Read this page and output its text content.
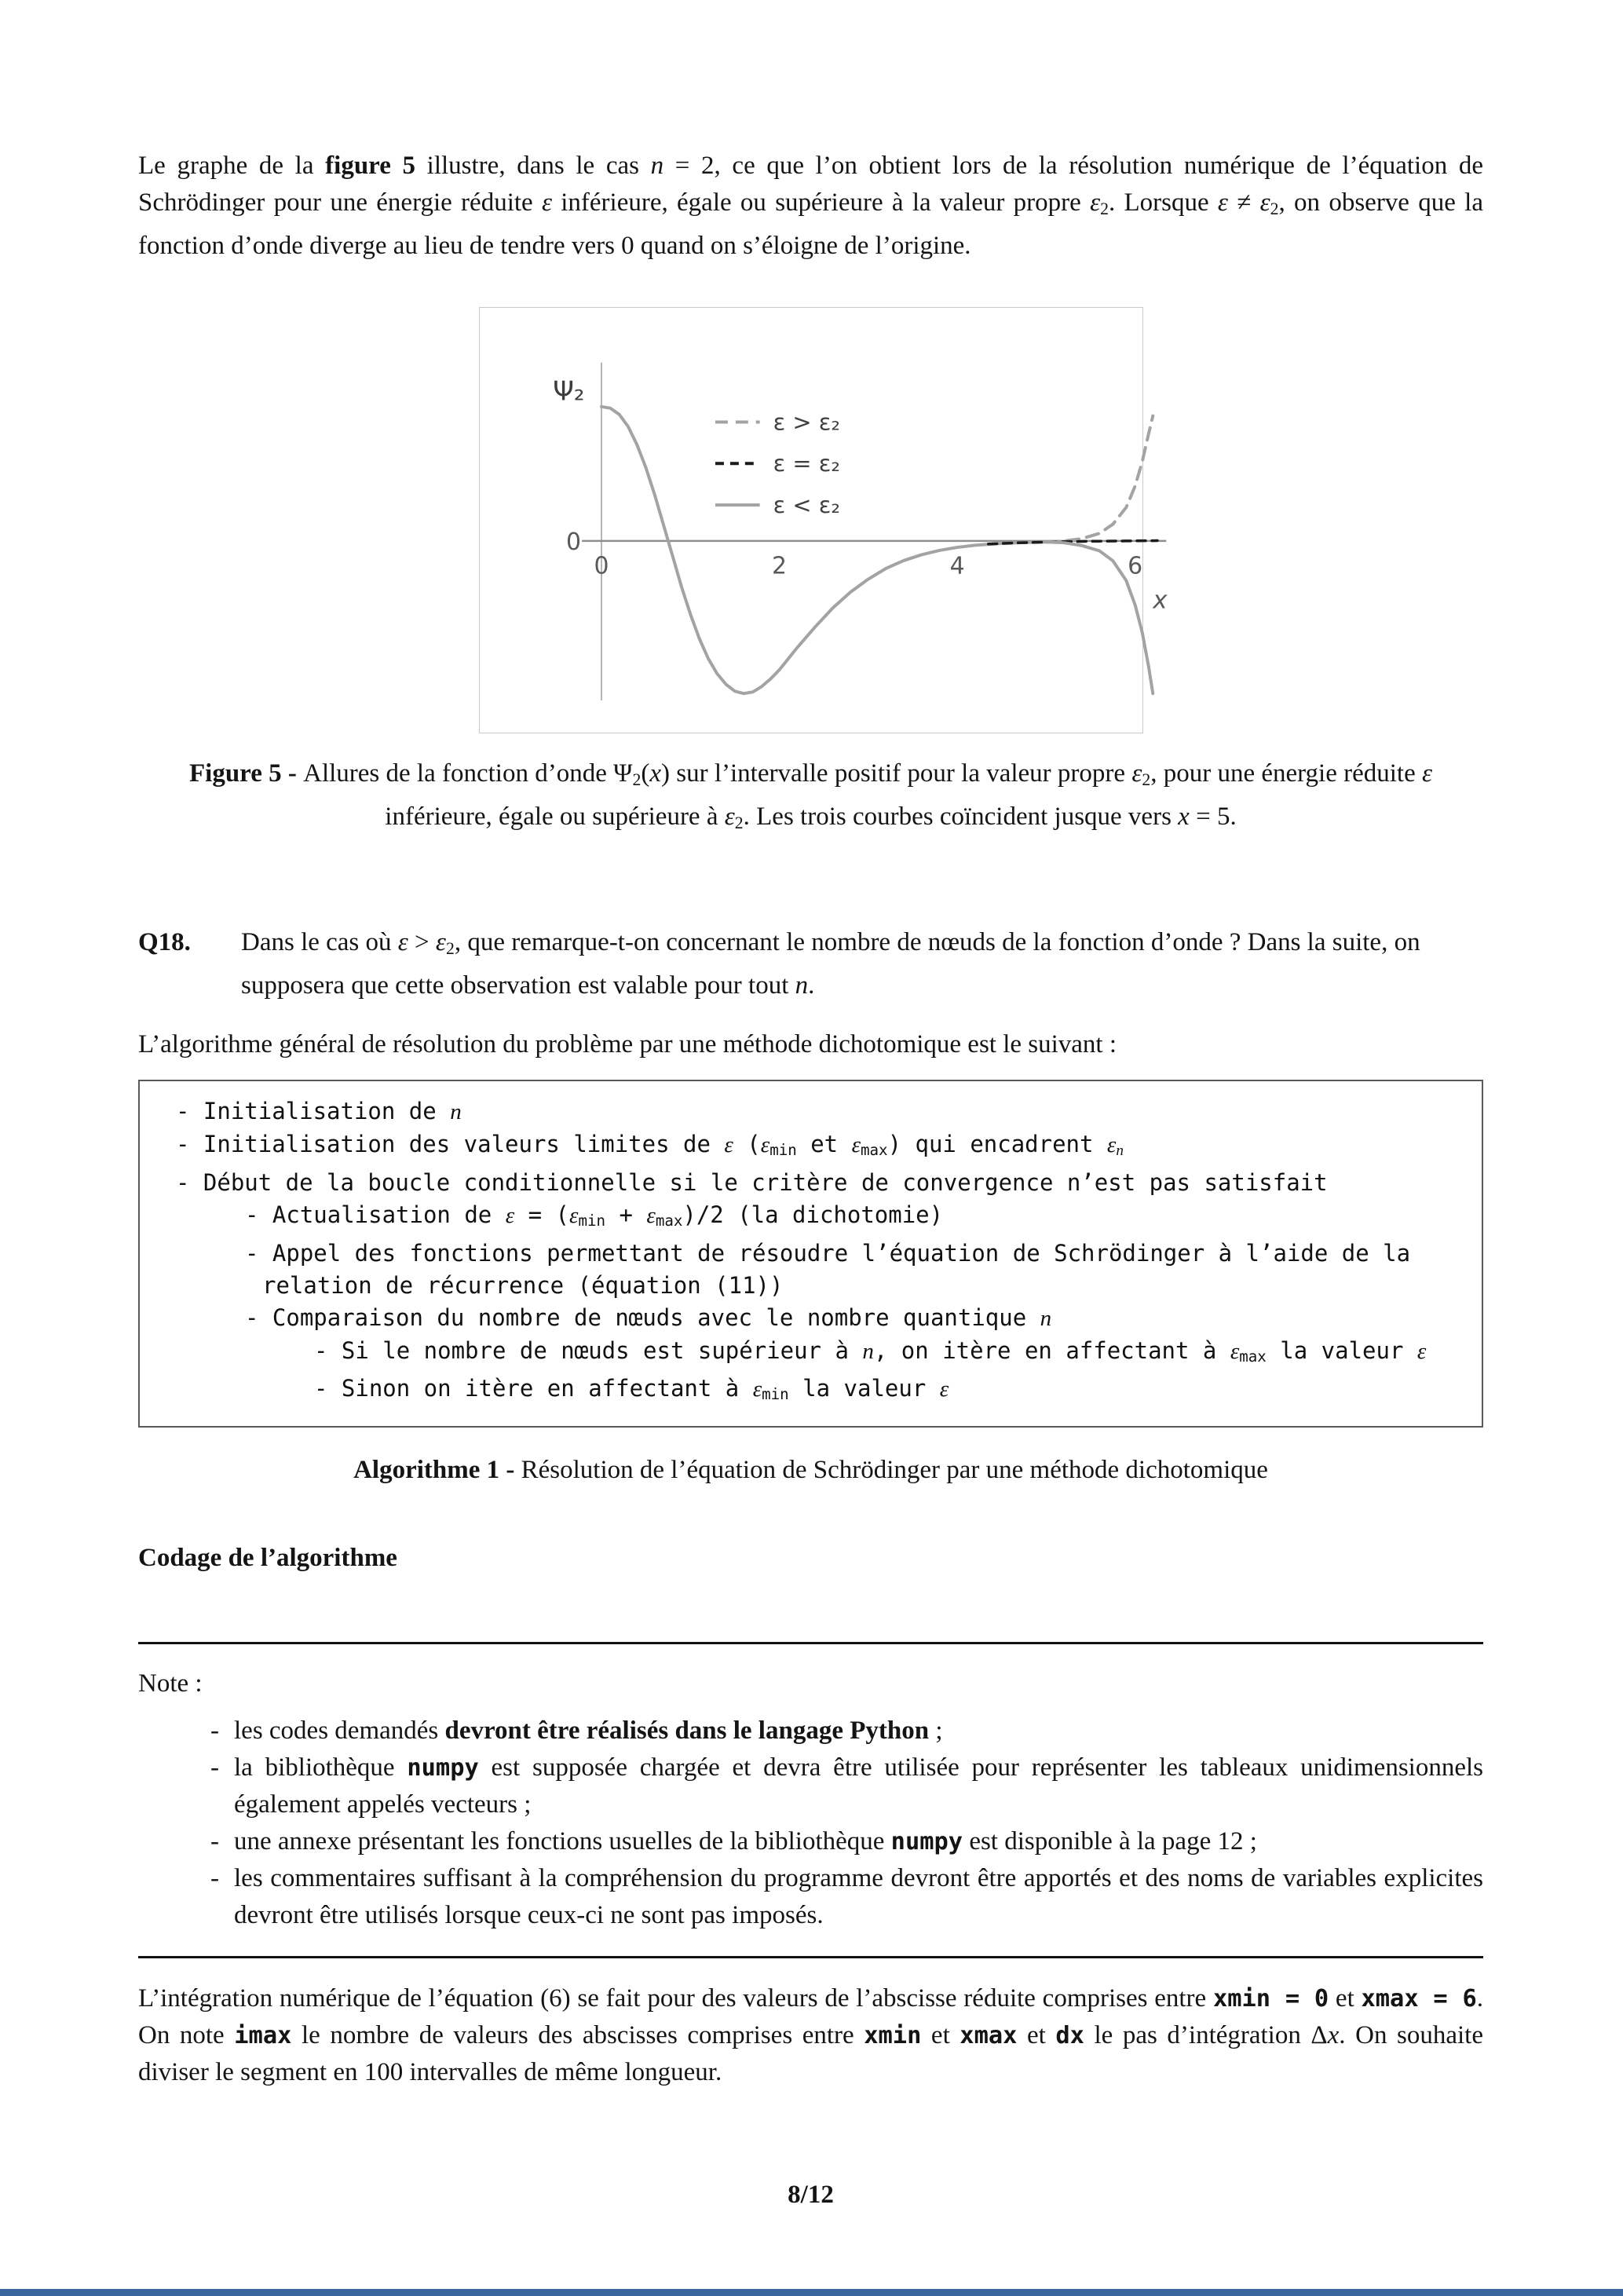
Le graphe de la figure 5 illustre, dans le cas n = 2, ce que l’on obtient lors de la résolution numérique de l’équation de Schrödinger pour une énergie réduite ε inférieure, égale ou supérieure à la valeur propre ε2. Lorsque ε ≠ ε2, on observe que la fonction d’onde diverge au lieu de tendre vers 0 quand on s’éloigne de l’origine.

0	2	4	6
0
Ψ₂
x
ε > ε₂
ε = ε₂
ε < ε₂

Figure 5 - Allures de la fonction d’onde Ψ2(x) sur l’intervalle positif pour la valeur propre ε2, pour une énergie réduite ε inférieure, égale ou supérieure à ε2. Les trois courbes coïncident jusque vers x = 5.

Q18.	Dans le cas où ε > ε2, que remarque-t-on concernant le nombre de nœuds de la fonction d’onde ? Dans la suite, on supposera que cette observation est valable pour tout n.

L’algorithme général de résolution du problème par une méthode dichotomique est le suivant :

- Initialisation de n
- Initialisation des valeurs limites de ε (εmin et εmax) qui encadrent εn
- Début de la boucle conditionnelle si le critère de convergence n’est pas satisfait
- Actualisation de ε = (εmin + εmax)/2 (la dichotomie)
- Appel des fonctions permettant de résoudre l’équation de Schrödinger à l’aide de la
relation de récurrence (équation (11))
- Comparaison du nombre de nœuds avec le nombre quantique n
- Si le nombre de nœuds est supérieur à n, on itère en affectant à εmax la valeur ε
- Sinon on itère en affectant à εmin la valeur ε

Algorithme 1 - Résolution de l’équation de Schrödinger par une méthode dichotomique

Codage de l’algorithme

Note :

- les codes demandés devront être réalisés dans le langage Python ;
- la bibliothèque numpy est supposée chargée et devra être utilisée pour représenter les tableaux unidimensionnels également appelés vecteurs ;
- une annexe présentant les fonctions usuelles de la bibliothèque numpy est disponible à la page 12 ;
- les commentaires suffisant à la compréhension du programme devront être apportés et des noms de variables explicites devront être utilisés lorsque ceux-ci ne sont pas imposés.

L’intégration numérique de l’équation (6) se fait pour des valeurs de l’abscisse réduite comprises entre xmin = 0 et xmax = 6. On note imax le nombre de valeurs des abscisses comprises entre xmin et xmax et dx le pas d’intégration Δx. On souhaite diviser le segment en 100 intervalles de même longueur.

8/12
